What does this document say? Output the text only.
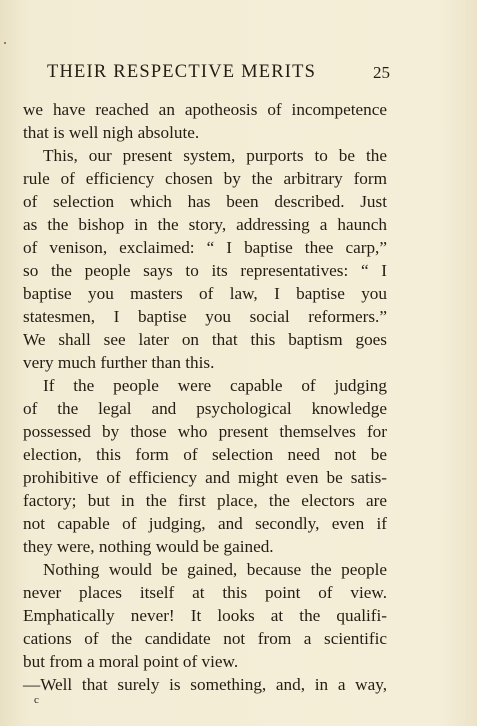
THEIR RESPECTIVE MERITS	25
we have reached an apotheosis of incompetence
that is well nigh absolute.
This, our present system, purports to be the
rule of efficiency chosen by the arbitrary form
of selection which has been described. Just
as the bishop in the story, addressing a haunch
of venison, exclaimed: “ I baptise thee carp,”
so the people says to its representatives: “ I
baptise you masters of law, I baptise you
statesmen, I baptise you social reformers.”
We shall see later on that this baptism goes
very much further than this.
If the people were capable of judging
of the legal and psychological knowledge
possessed by those who present themselves for
election, this form of selection need not be
prohibitive of efficiency and might even be satis-
factory; but in the first place, the electors are
not capable of judging, and secondly, even if
they were, nothing would be gained.
Nothing would be gained, because the people
never places itself at this point of view.
Emphatically never! It looks at the qualifi-
cations of the candidate not from a scientific
but from a moral point of view.
—Well that surely is something, and, in a way,
c
